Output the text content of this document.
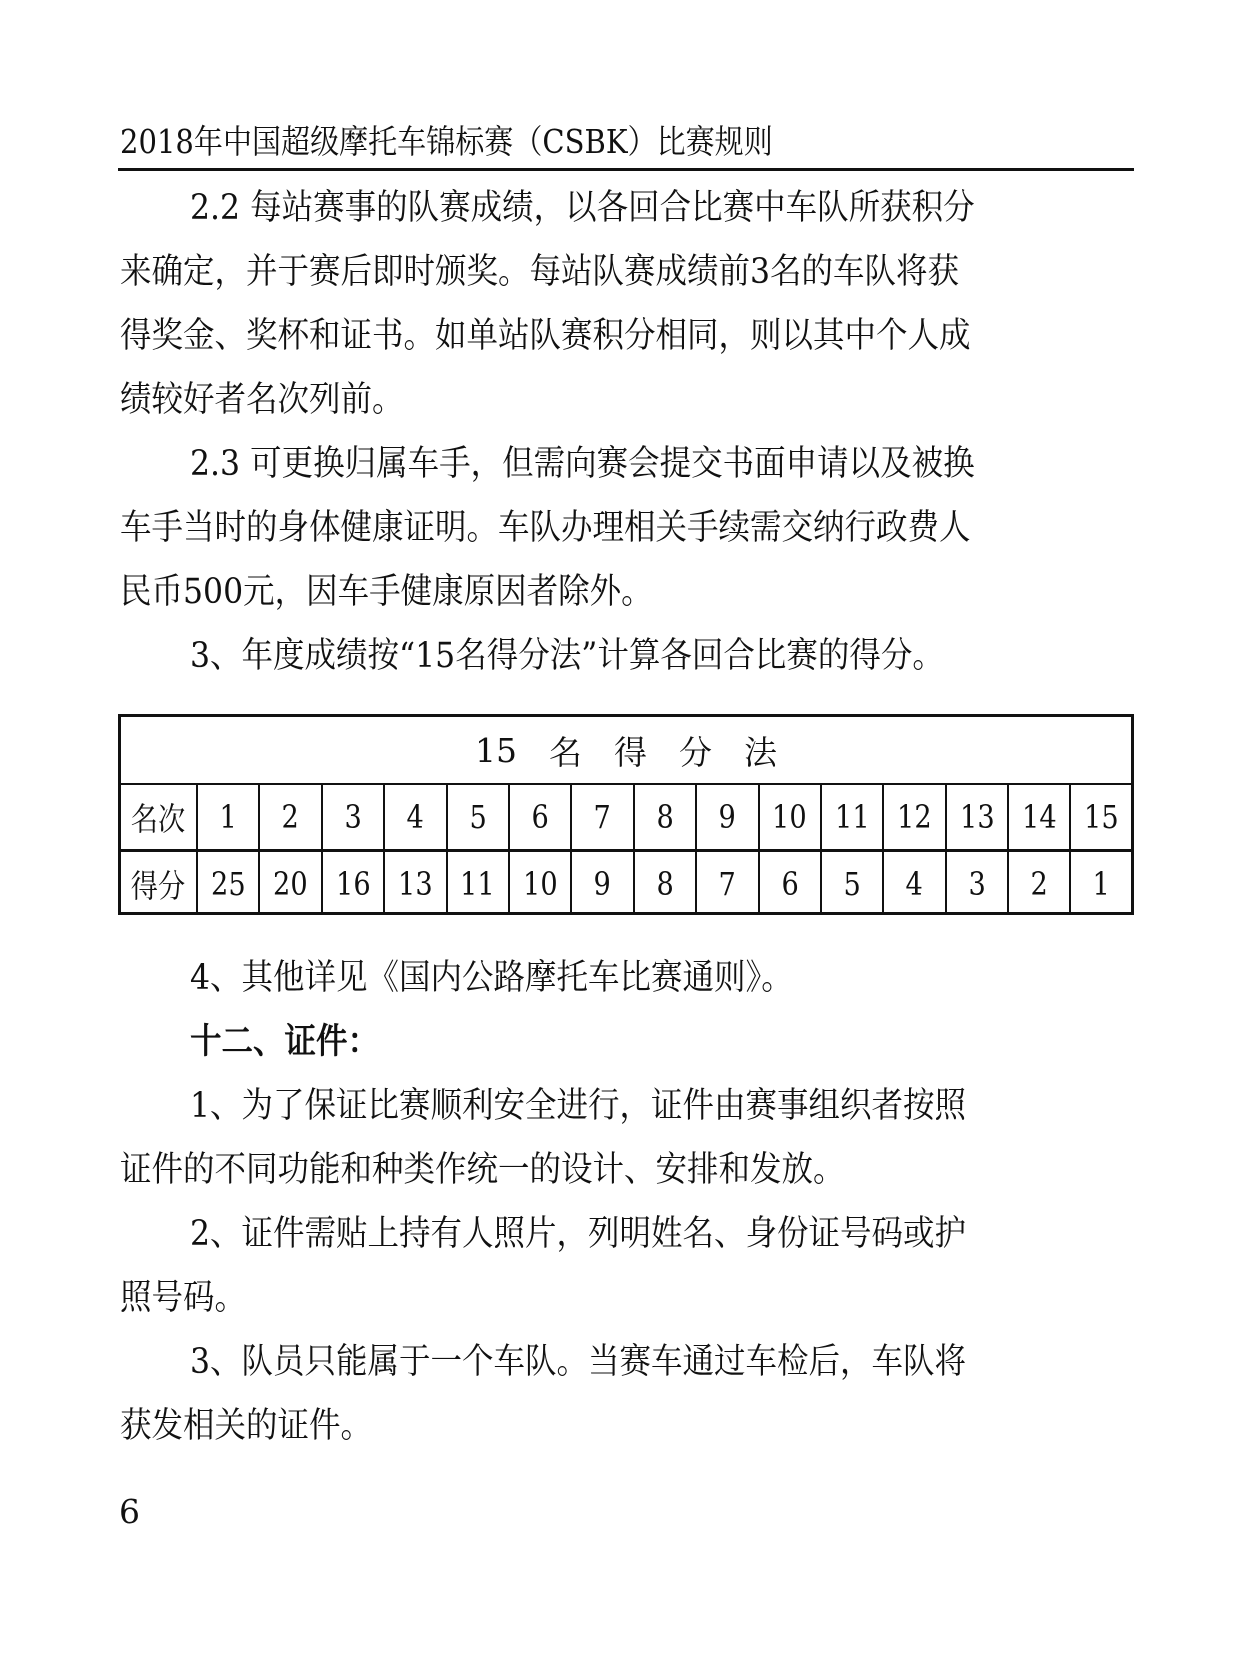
2018年中国超级摩托车锦标赛（CSBK）比赛规则
2.2 每站赛事的队赛成绩，以各回合比赛中车队所获积分
来确定，并于赛后即时颁奖。每站队赛成绩前3名的车队将获
得奖金、奖杯和证书。如单站队赛积分相同，则以其中个人成
绩较好者名次列前。
2.3 可更换归属车手，但需向赛会提交书面申请以及被换
车手当时的身体健康证明。车队办理相关手续需交纳行政费人
民币500元，因车手健康原因者除外。
3、年度成绩按“15名得分法”计算各回合比赛的得分。
15 名 得 分 法
名次 1 2 3 4 5 6 7 8 9 10 11 12 13 14 15
得分 25 20 16 13 11 10 9 8 7 6 5 4 3 2 1
4、其他详见《国内公路摩托车比赛通则》。
十二、证件：
1、为了保证比赛顺利安全进行，证件由赛事组织者按照
证件的不同功能和种类作统一的设计、安排和发放。
2、证件需贴上持有人照片，列明姓名、身份证号码或护
照号码。
3、队员只能属于一个车队。当赛车通过车检后，车队将
获发相关的证件。
6
